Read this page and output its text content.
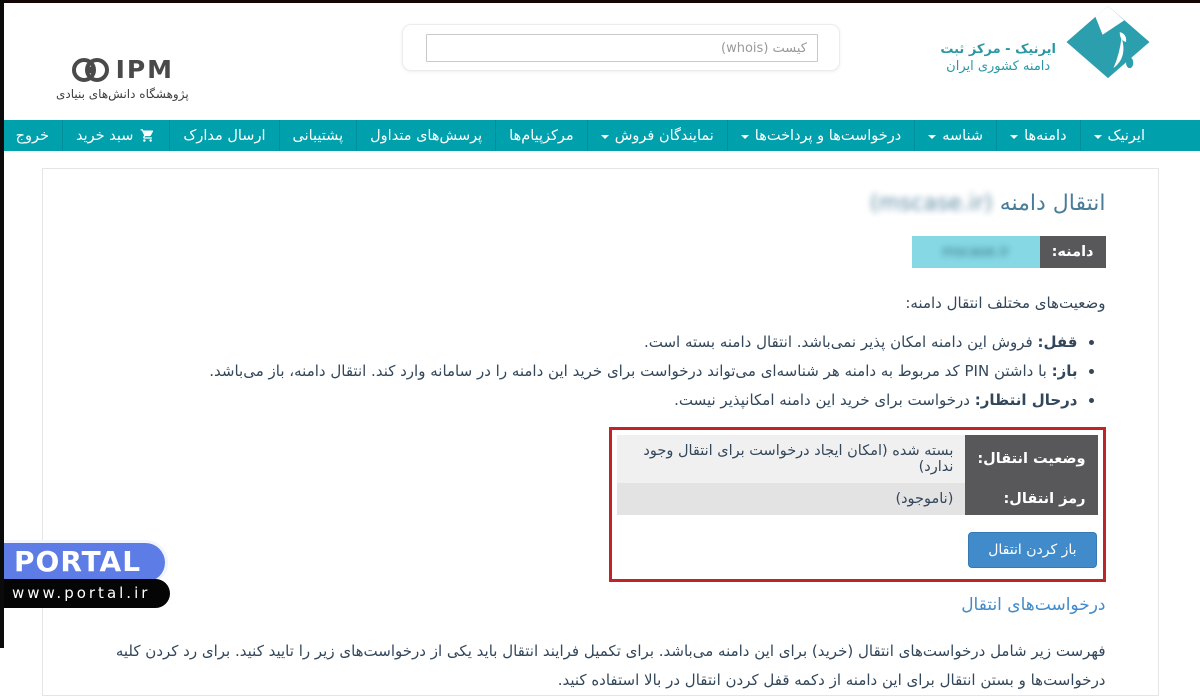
کیست (whois)
ایرنیک - مرکز ثبت
دامنه کشوری ایران
IPM
پژوهشگاه دانش‌های بنیادی
ایرنیک
دامنه‌ها
شناسه
درخواست‌ها و پرداخت‌ها
نمایندگان فروش
مرکزپیام‌ها
پرسش‌های متداول
پشتیبانی
ارسال مدارک
سبد خرید
خروج
انتقال دامنه (mscase.ir)
دامنه:
mscase.ir
وضعیت‌های مختلف انتقال دامنه:
• قفل: فروش این دامنه امکان پذیر نمی‌باشد. انتقال دامنه بسته است.
• باز: با داشتن PIN کد مربوط به دامنه هر شناسه‌ای می‌تواند درخواست برای خرید این دامنه را در سامانه وارد کند. انتقال دامنه، باز می‌باشد.
• درحال انتظار: درخواست برای خرید این دامنه امکانپذیر نیست.
وضعیت انتقال:	بسته شده (امکان ایجاد درخواست برای انتقال وجود ندارد)
رمز انتقال:	(ناموجود)
باز کردن انتقال
درخواست‌های انتقال

فهرست زیر شامل درخواست‌های انتقال (خرید) برای این دامنه می‌باشد. برای تکمیل فرایند انتقال باید یکی از درخواست‌های زیر را تایید کنید. برای رد کردن کلیه درخواست‌ها و بستن انتقال برای این دامنه از دکمه قفل کردن انتقال در بالا استفاده کنید.

PORTAL
www.portal.ir
